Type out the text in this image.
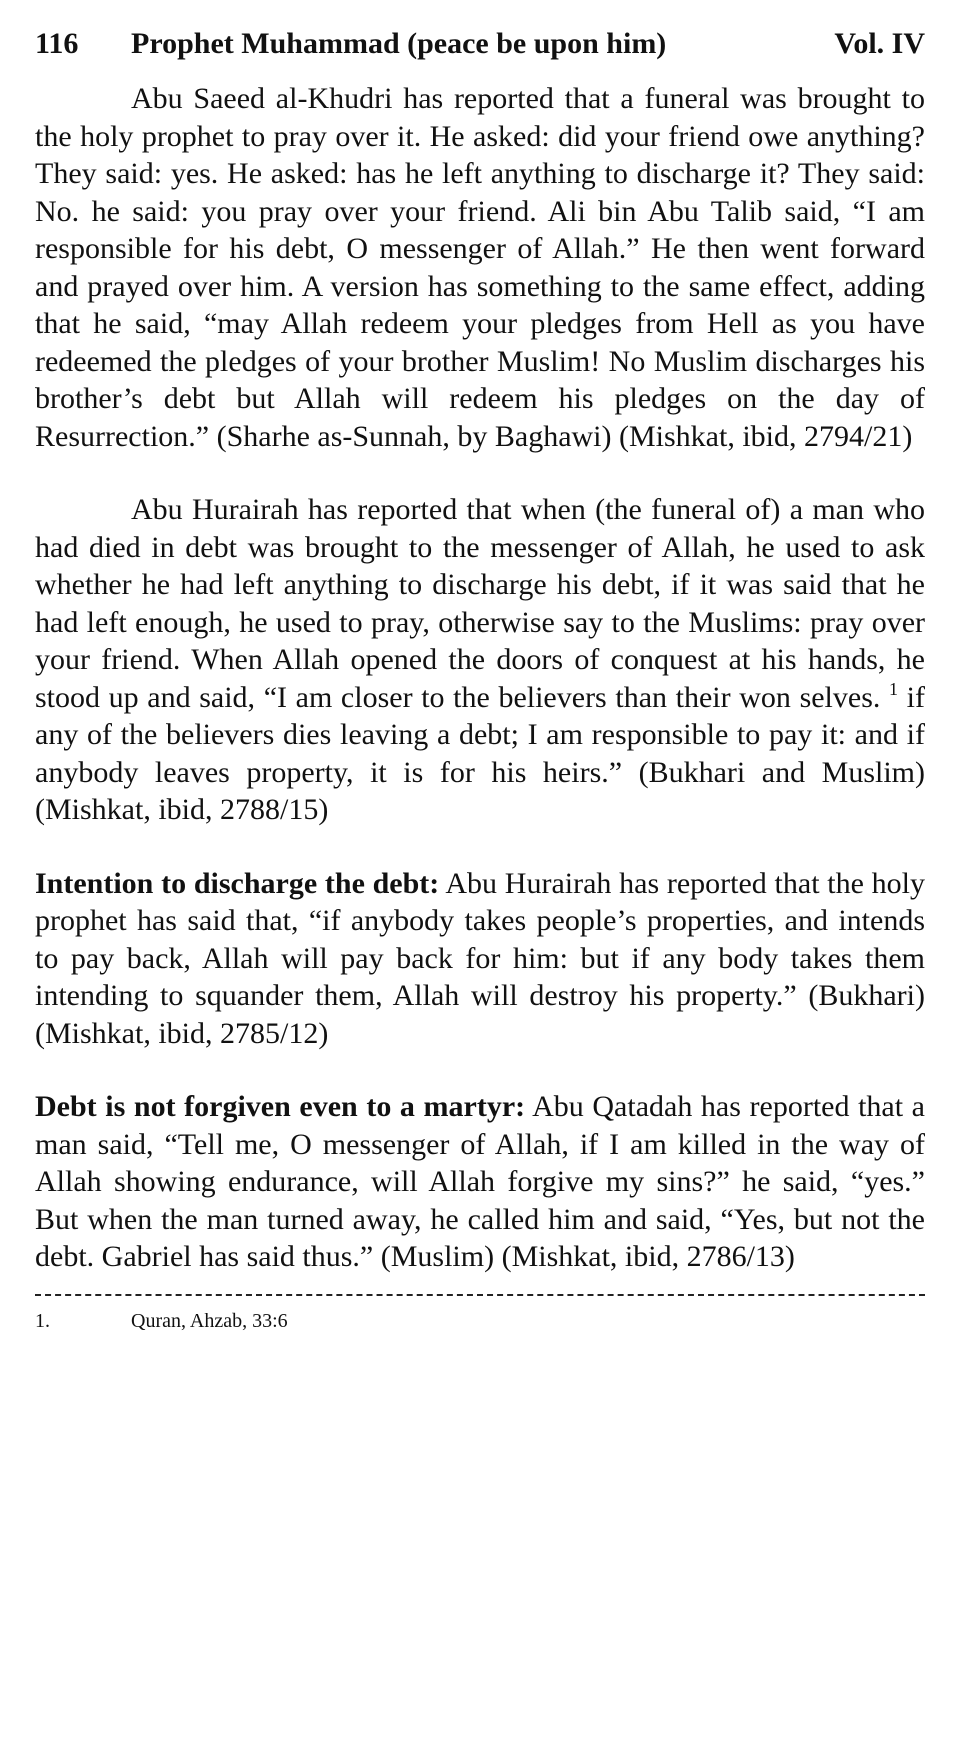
116	Prophet Muhammad (peace be upon him)	Vol. IV

Abu Saeed al-Khudri has reported that a funeral was brought to the holy prophet to pray over it. He asked: did your friend owe anything? They said: yes. He asked: has he left anything to discharge it? They said: No. he said: you pray over your friend. Ali bin Abu Talib said, “I am responsible for his debt, O messenger of Allah.” He then went forward and prayed over him. A version has something to the same effect, adding that he said, “may Allah redeem your pledges from Hell as you have redeemed the pledges of your brother Muslim! No Muslim discharges his brother’s debt but Allah will redeem his pledges on the day of Resurrection.” (Sharhe as-Sunnah, by Baghawi) (Mishkat, ibid, 2794/21)

Abu Hurairah has reported that when (the funeral of) a man who had died in debt was brought to the messenger of Allah, he used to ask whether he had left anything to discharge his debt, if it was said that he had left enough, he used to pray, otherwise say to the Muslims: pray over your friend. When Allah opened the doors of conquest at his hands, he stood up and said, “I am closer to the believers than their won selves. $^1$ if any of the believers dies leaving a debt; I am responsible to pay it: and if anybody leaves property, it is for his heirs.” (Bukhari and Muslim) (Mishkat, ibid, 2788/15)

Intention to discharge the debt: Abu Hurairah has reported that the holy prophet has said that, “if anybody takes people’s properties, and intends to pay back, Allah will pay back for him: but if any body takes them intending to squander them, Allah will destroy his property.” (Bukhari) (Mishkat, ibid, 2785/12)

Debt is not forgiven even to a martyr: Abu Qatadah has reported that a man said, “Tell me, O messenger of Allah, if I am killed in the way of Allah showing endurance, will Allah forgive my sins?” he said, “yes.” But when the man turned away, he called him and said, “Yes, but not the debt. Gabriel has said thus.” (Muslim) (Mishkat, ibid, 2786/13)

1.	Quran, Ahzab, 33:6
